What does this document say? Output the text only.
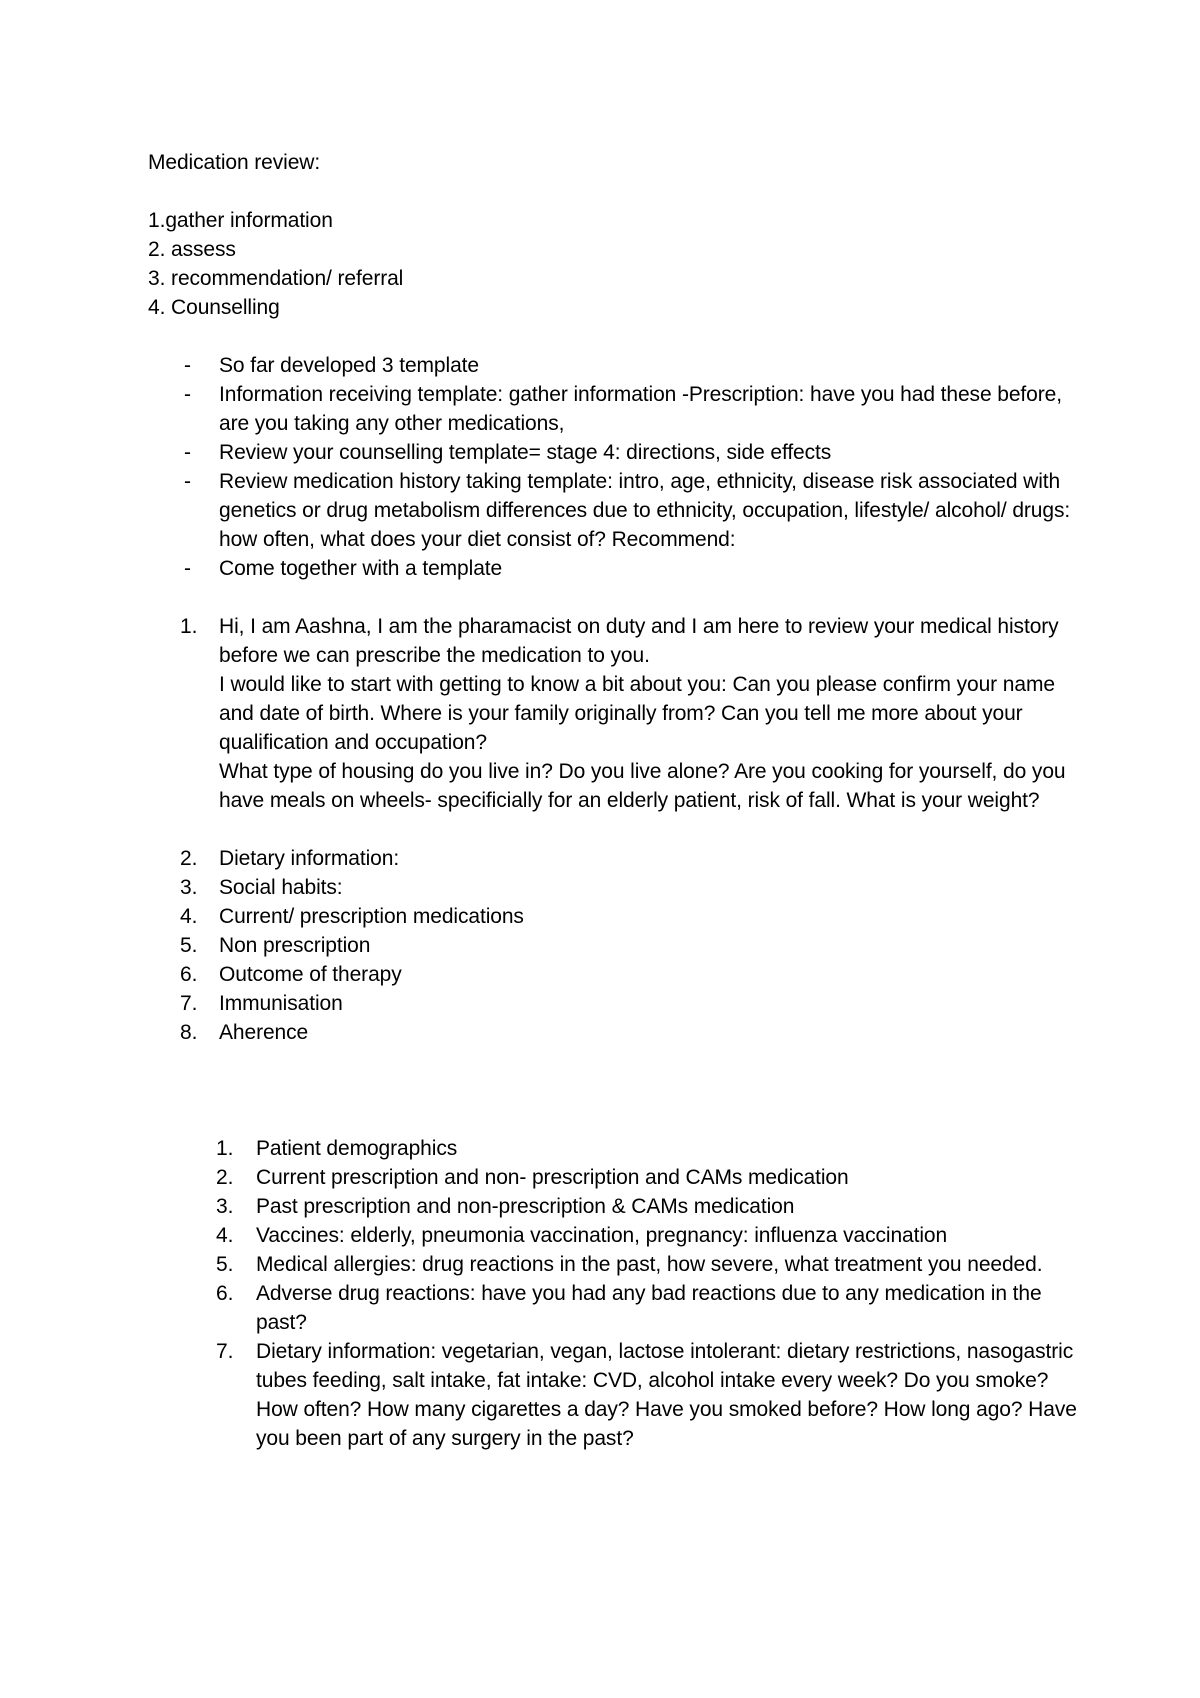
Medication review:
1.gather information
2. assess
3. recommendation/ referral
4. Counselling
- So far developed 3 template
- Information receiving template: gather information -Prescription: have you had these before, are you taking any other medications,
- Review your counselling template= stage 4: directions, side effects
- Review medication history taking template: intro, age, ethnicity, disease risk associated with genetics or drug metabolism differences due to ethnicity, occupation, lifestyle/ alcohol/ drugs: how often, what does your diet consist of? Recommend:
- Come together with a template
1. Hi, I am Aashna, I am the pharamacist on duty and I am here to review your medical history before we can prescribe the medication to you.
I would like to start with getting to know a bit about you: Can you please confirm your name and date of birth. Where is your family originally from? Can you tell me more about your qualification and occupation?
What type of housing do you live in? Do you live alone? Are you cooking for yourself, do you have meals on wheels- specificially for an elderly patient, risk of fall. What is your weight?
2. Dietary information:
3. Social habits:
4. Current/ prescription medications
5. Non prescription
6. Outcome of therapy
7. Immunisation
8. Aherence
1. Patient demographics
2. Current prescription and non- prescription and CAMs medication
3. Past prescription and non-prescription & CAMs medication
4. Vaccines: elderly, pneumonia vaccination, pregnancy: influenza vaccination
5. Medical allergies: drug reactions in the past, how severe, what treatment you needed.
6. Adverse drug reactions: have you had any bad reactions due to any medication in the past?
7. Dietary information: vegetarian, vegan, lactose intolerant: dietary restrictions, nasogastric tubes feeding, salt intake, fat intake: CVD, alcohol intake every week? Do you smoke? How often? How many cigarettes a day? Have you smoked before? How long ago? Have you been part of any surgery in the past?
